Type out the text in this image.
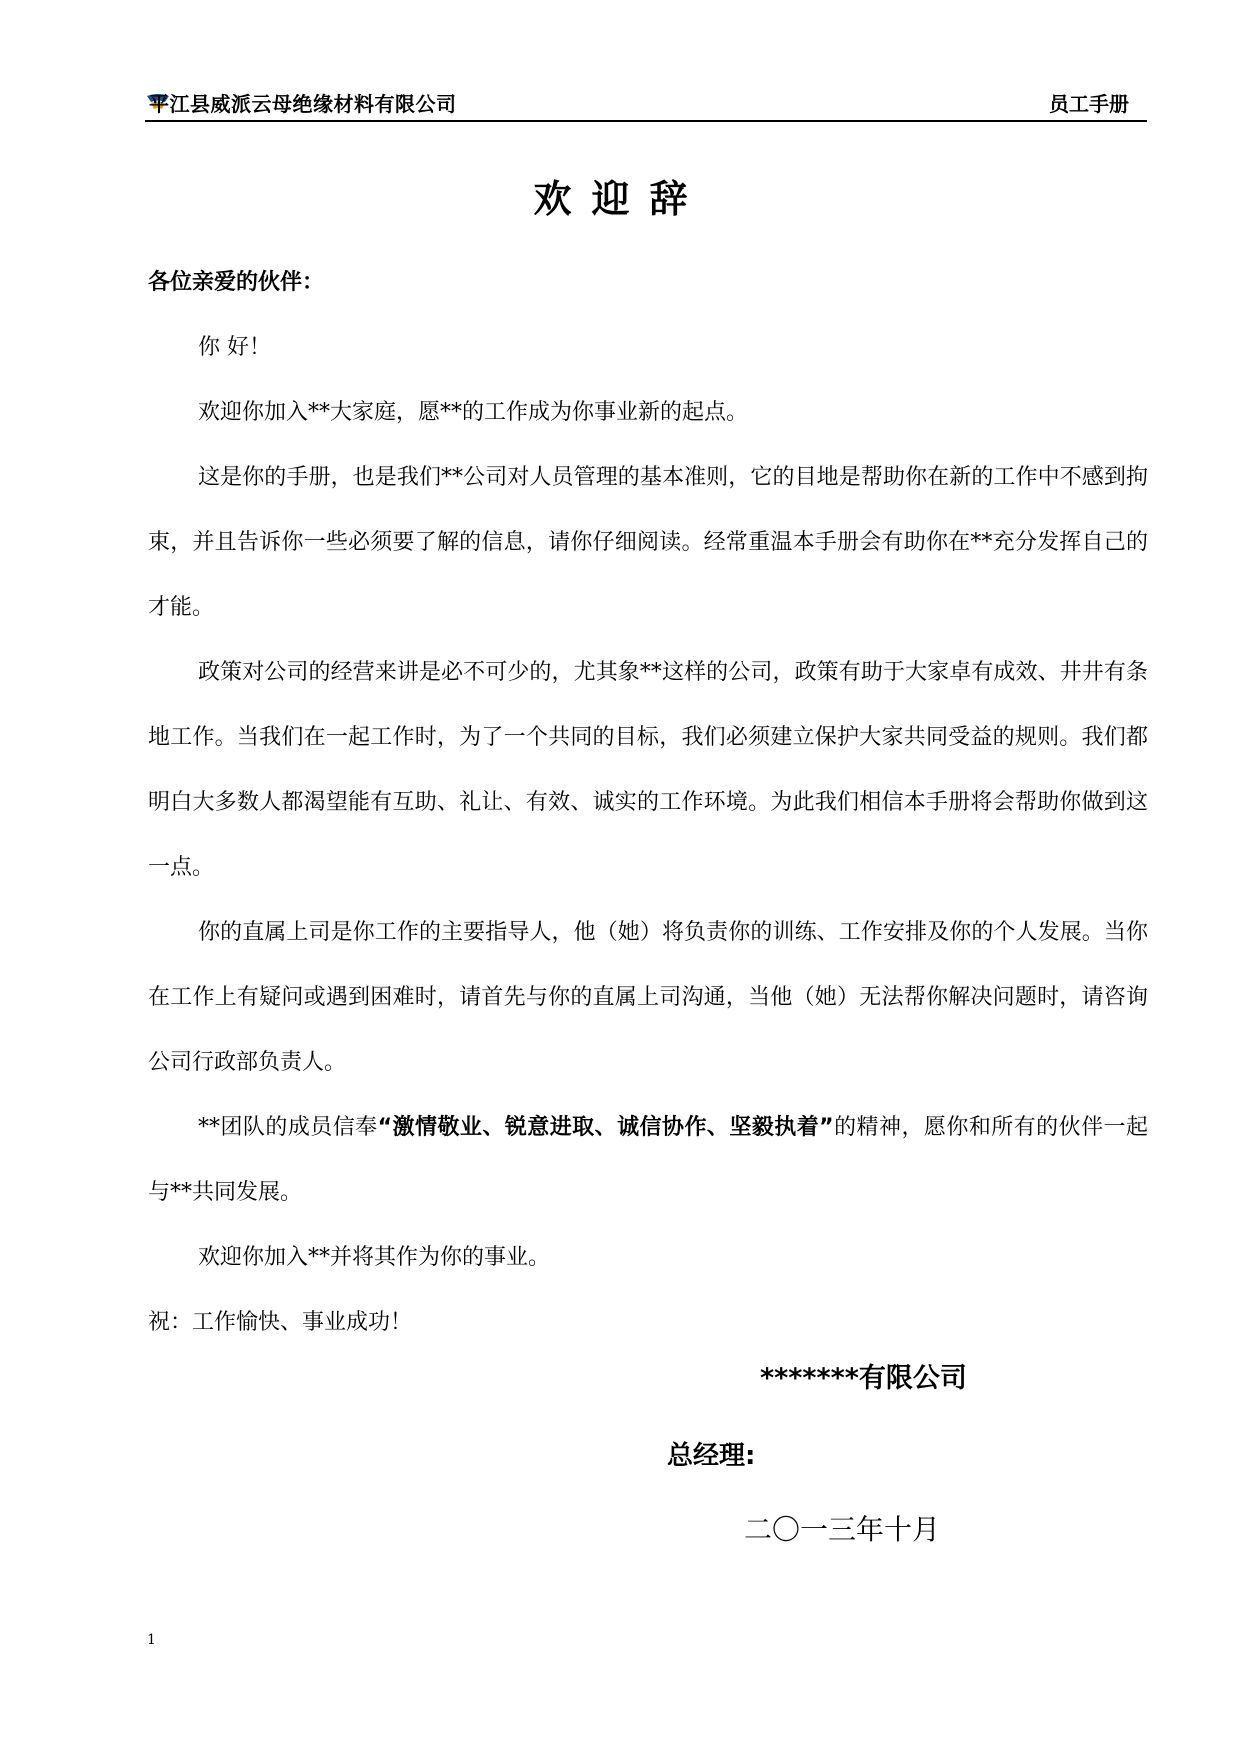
平江县威派云母绝缘材料有限公司	员工手册
欢迎辞
各位亲爱的伙伴：

你 好！

欢迎你加入**大家庭，愿**的工作成为你事业新的起点。

这是你的手册，也是我们**公司对人员管理的基本准则，它的目地是帮助你在新的工作中不感到拘束，并且告诉你一些必须要了解的信息，请你仔细阅读。经常重温本手册会有助你在**充分发挥自己的才能。

政策对公司的经营来讲是必不可少的，尤其象**这样的公司，政策有助于大家卓有成效、井井有条地工作。当我们在一起工作时，为了一个共同的目标，我们必须建立保护大家共同受益的规则。我们都明白大多数人都渴望能有互助、礼让、有效、诚实的工作环境。为此我们相信本手册将会帮助你做到这一点。

你的直属上司是你工作的主要指导人，他（她）将负责你的训练、工作安排及你的个人发展。当你在工作上有疑问或遇到困难时，请首先与你的直属上司沟通，当他（她）无法帮你解决问题时，请咨询公司行政部负责人。

**团队的成员信奉“激情敬业、锐意进取、诚信协作、坚毅执着”的精神，愿你和所有的伙伴一起与**共同发展。

欢迎你加入**并将其作为你的事业。

祝：工作愉快、事业成功！

*******有限公司
总经理:
二〇一三年十月
1
